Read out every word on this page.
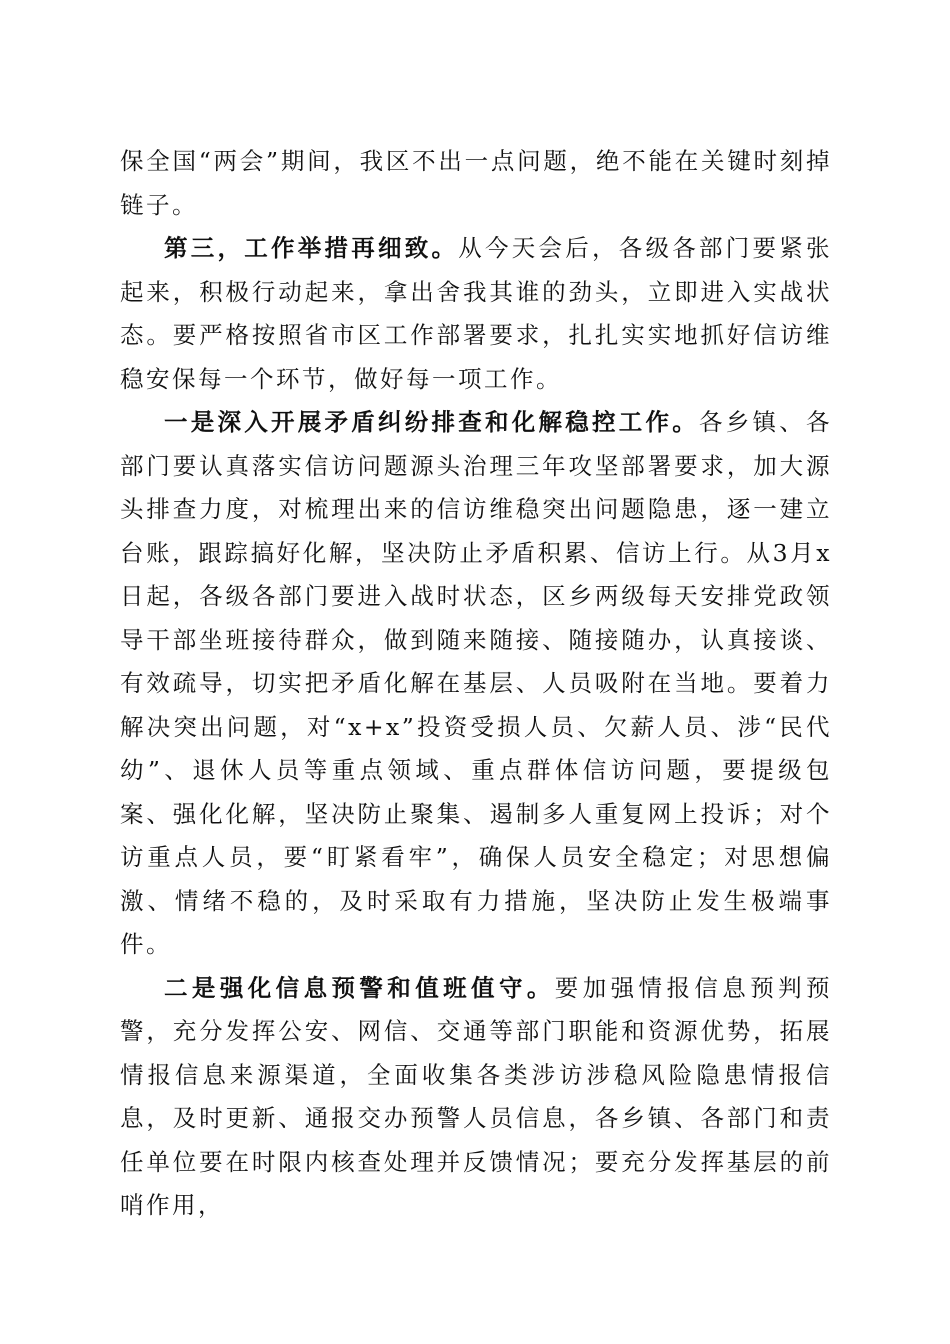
保全国“两会”期间，我区不出一点问题，绝不能在关键时刻掉链子。

第三，工作举措再细致。从今天会后，各级各部门要紧张起来，积极行动起来，拿出舍我其谁的劲头，立即进入实战状态。要严格按照省市区工作部署要求，扎扎实实地抓好信访维稳安保每一个环节，做好每一项工作。

一是深入开展矛盾纠纷排查和化解稳控工作。各乡镇、各部门要认真落实信访问题源头治理三年攻坚部署要求，加大源头排查力度，对梳理出来的信访维稳突出问题隐患，逐一建立台账，跟踪搞好化解，坚决防止矛盾积累、信访上行。从3月x日起，各级各部门要进入战时状态，区乡两级每天安排党政领导干部坐班接待群众，做到随来随接、随接随办，认真接谈、有效疏导，切实把矛盾化解在基层、人员吸附在当地。要着力解决突出问题，对“x+x”投资受损人员、欠薪人员、涉“民代幼”、退休人员等重点领域、重点群体信访问题，要提级包案、强化化解，坚决防止聚集、遏制多人重复网上投诉；对个访重点人员，要“盯紧看牢”，确保人员安全稳定；对思想偏激、情绪不稳的，及时采取有力措施，坚决防止发生极端事件。

二是强化信息预警和值班值守。要加强情报信息预判预警，充分发挥公安、网信、交通等部门职能和资源优势，拓展情报信息来源渠道，全面收集各类涉访涉稳风险隐患情报信息，及时更新、通报交办预警人员信息，各乡镇、各部门和责任单位要在时限内核查处理并反馈情况；要充分发挥基层的前哨作用，
